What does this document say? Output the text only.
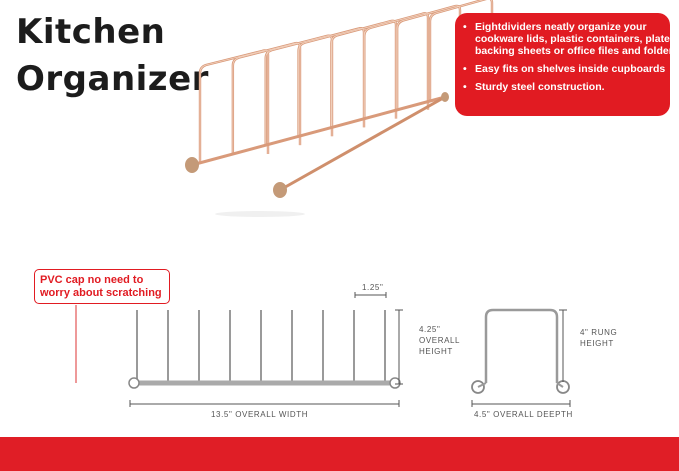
Kitchen
Organizer
• Eightdividers neatly organize your
cookware lids, plastic containers, plates
backing sheets or office files and folders
• Easy fits on shelves inside cupboards
• Sturdy steel construction.
PVC cap no need to
worry about scratching	1.25"
4.25"
OVERALL
HEIGHT
13.5" OVERALL WIDTH
4" RUNG
HEIGHT
4.5" OVERALL DEEPTH
